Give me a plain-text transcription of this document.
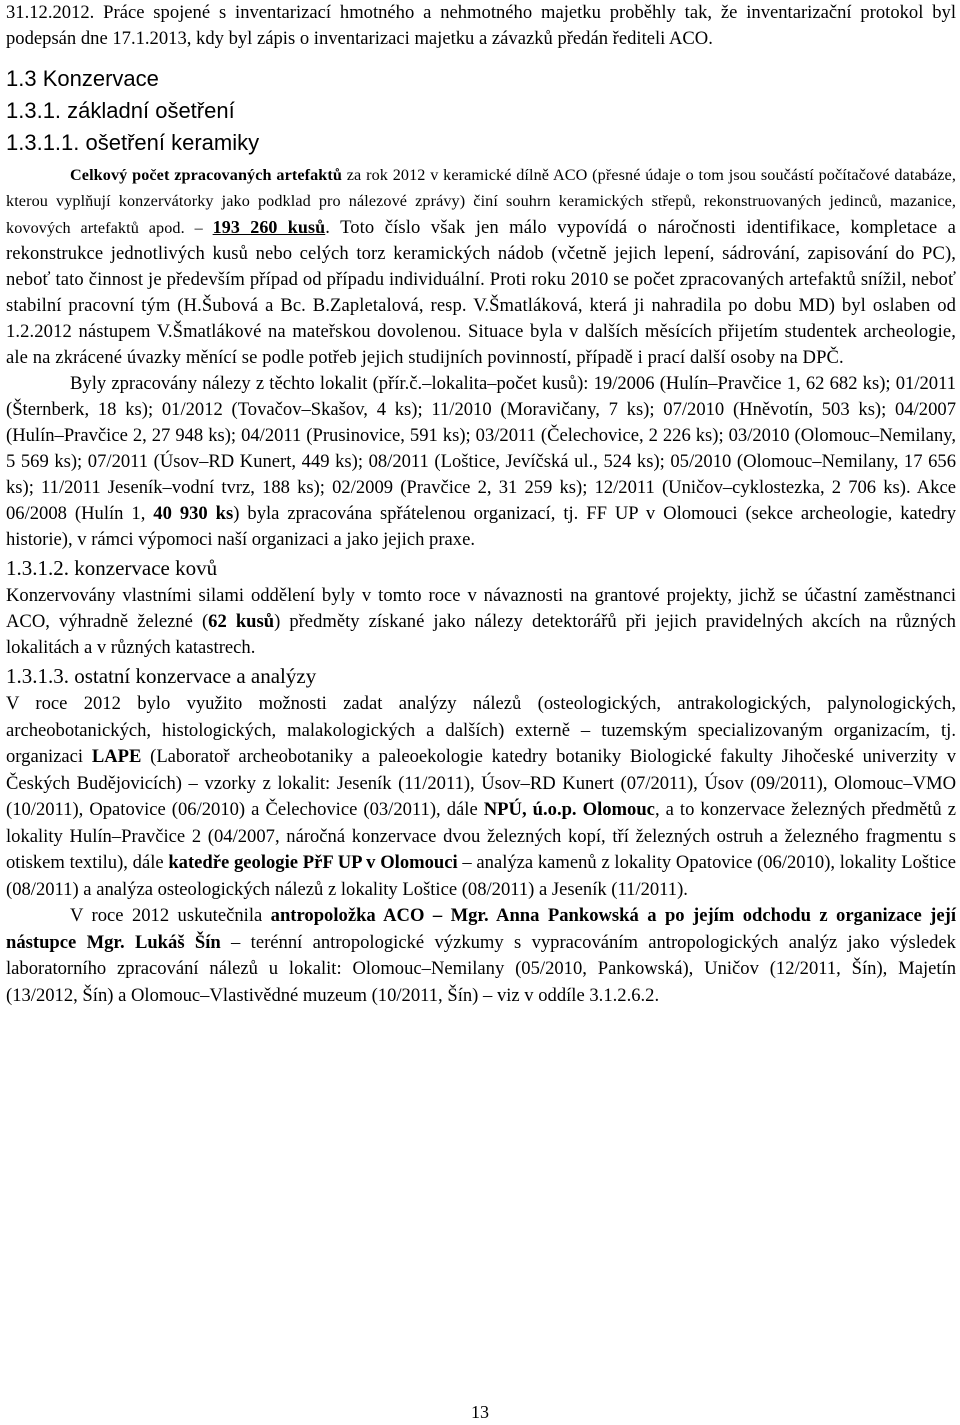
31.12.2012. Práce spojené s inventarizací hmotného a nehmotného majetku proběhly tak, že inventarizační protokol byl podepsán dne 17.1.2013, kdy byl zápis o inventarizaci majetku a závazků předán řediteli ACO.

1.3 Konzervace

1.3.1. základní ošetření

1.3.1.1. ošetření keramiky

Celkový počet zpracovaných artefaktů za rok 2012 v keramické dílně ACO (přesné údaje o tom jsou součástí počítačové databáze, kterou vyplňují konzervátorky jako podklad pro nálezové zprávy) činí souhrn keramických střepů, rekonstruovaných jedinců, mazanice, kovových artefaktů apod. – 193 260 kusů. Toto číslo však jen málo vypovídá o náročnosti identifikace, kompletace a rekonstrukce jednotlivých kusů nebo celých torz keramických nádob (včetně jejich lepení, sádrování, zapisování do PC), neboť tato činnost je především případ od případu individuální. Proti roku 2010 se počet zpracovaných artefaktů snížil, neboť stabilní pracovní tým (H.Šubová a Bc. B.Zapletalová, resp. V.Šmatláková, která ji nahradila po dobu MD) byl oslaben od 1.2.2012 nástupem V.Šmatlákové na mateřskou dovolenou. Situace byla v dalších měsících přijetím studentek archeologie, ale na zkrácené úvazky měnící se podle potřeb jejich studijních povinností, případě i prací další osoby na DPČ.

Byly zpracovány nálezy z těchto lokalit (přír.č.–lokalita–počet kusů): 19/2006 (Hulín–Pravčice 1, 62 682 ks); 01/2011 (Šternberk, 18 ks); 01/2012 (Tovačov–Skašov, 4 ks); 11/2010 (Moravičany, 7 ks); 07/2010 (Hněvotín, 503 ks); 04/2007 (Hulín–Pravčice 2, 27 948 ks); 04/2011 (Prusinovice, 591 ks); 03/2011 (Čelechovice, 2 226 ks); 03/2010 (Olomouc–Nemilany, 5 569 ks); 07/2011 (Úsov–RD Kunert, 449 ks); 08/2011 (Loštice, Jevíčská ul., 524 ks); 05/2010 (Olomouc–Nemilany, 17 656 ks); 11/2011 Jeseník–vodní tvrz, 188 ks); 02/2009 (Pravčice 2, 31 259 ks); 12/2011 (Uničov–cyklostezka, 2 706 ks). Akce 06/2008 (Hulín 1, 40 930 ks) byla zpracována spřátelenou organizací, tj. FF UP v Olomouci (sekce archeologie, katedry historie), v rámci výpomoci naší organizaci a jako jejich praxe.

1.3.1.2. konzervace kovů

Konzervovány vlastními silami oddělení byly v tomto roce v návaznosti na grantové projekty, jichž se účastní zaměstnanci ACO, výhradně železné (62 kusů) předměty získané jako nálezy detektorářů při jejich pravidelných akcích na různých lokalitách a v různých katastrech.

1.3.1.3. ostatní konzervace a analýzy

V roce 2012 bylo využito možnosti zadat analýzy nálezů (osteologických, antrakologických, palynologických, archeobotanických, histologických, malakologických a dalších) externě – tuzemským specializovaným organizacím, tj. organizaci LAPE (Laboratoř archeobotaniky a paleoekologie katedry botaniky Biologické fakulty Jihočeské univerzity v Českých Budějovicích) – vzorky z lokalit: Jeseník (11/2011), Úsov–RD Kunert (07/2011), Úsov (09/2011), Olomouc–VMO (10/2011), Opatovice (06/2010) a Čelechovice (03/2011), dále NPÚ, ú.o.p. Olomouc, a to konzervace železných předmětů z lokality Hulín–Pravčice 2 (04/2007, náročná konzervace dvou železných kopí, tří železných ostruh a železného fragmentu s otiskem textilu), dále katedře geologie PřF UP v Olomouci – analýza kamenů z lokality Opatovice (06/2010), lokality Loštice (08/2011) a analýza osteologických nálezů z lokality Loštice (08/2011) a Jeseník (11/2011).

V roce 2012 uskutečnila antropoložka ACO – Mgr. Anna Pankowská a po jejím odchodu z organizace její nástupce Mgr. Lukáš Šín – terénní antropologické výzkumy s vypracováním antropologických analýz jako výsledek laboratorního zpracování nálezů u lokalit: Olomouc–Nemilany (05/2010, Pankowská), Uničov (12/2011, Šín), Majetín (13/2012, Šín) a Olomouc–Vlastivědné muzeum (10/2011, Šín) – viz v oddíle 3.1.2.6.2.

13
